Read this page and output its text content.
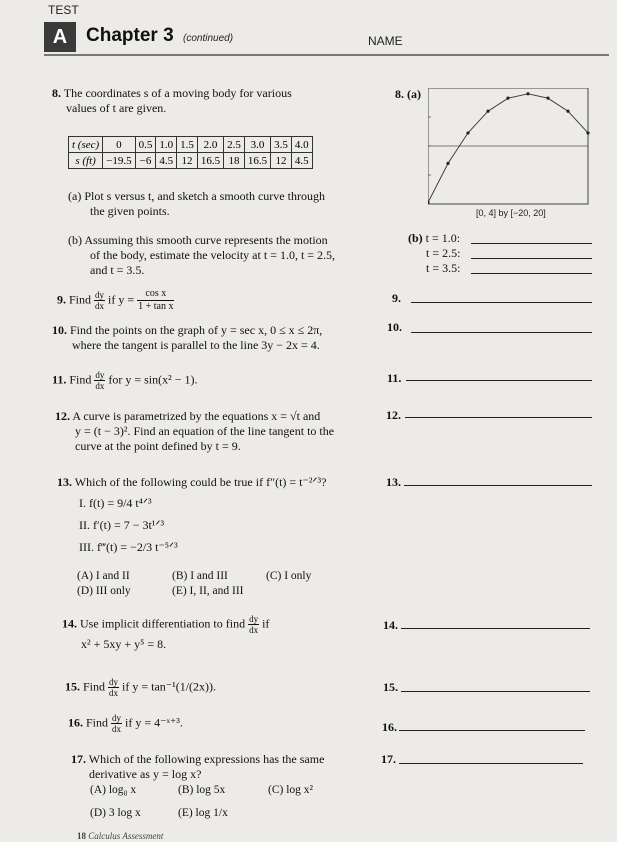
TEST
A Chapter 3 (continued)	NAME
8. The coordinates s of a moving body for various
values of t are given.
t (sec)	0	0.5	1.0	1.5	2.0	2.5	3.0	3.5	4.0
s (ft)	−19.5	−6	4.5	12	16.5	18	16.5	12	4.5
(a) Plot s versus t, and sketch a smooth curve through
the given points.
(b) Assuming this smooth curve represents the motion
of the body, estimate the velocity at t = 1.0, t = 2.5,
and t = 3.5.
8. (a)
[0, 4] by [−20, 20]
(b) t = 1.0:
t = 2.5:
t = 3.5:
9. Find $\frac{dy}{dx}$ if $y = \frac{\text{cos x}}{\text{1 + tan x}}$	9.
10. Find the points on the graph of y = sec x, 0 ≤ x ≤ 2π,
where the tangent is parallel to the line 3y − 2x = 4.
10.
11. Find $\frac{dy}{dx}$ for y = sin(x² − 1).	11.
12. A curve is parametrized by the equations x = √t and
y = (t − 3)². Find an equation of the line tangent to the
curve at the point defined by t = 9.
12.
13. Which of the following could be true if f″(t) = t⁻²ᐟ³?
I. f(t) = 9/4 t⁴ᐟ³
II. f′(t) = 7 − 3t¹ᐟ³
III. f‴(t) = −2/3 t⁻⁵ᐟ³
(A) I and II	(B) I and III	(C) I only
(D) III only	(E) I, II, and III
13.
14. Use implicit differentiation to find $\frac{dy}{dx}$ if
x² + 5xy + y⁵ = 8.
14.
15. Find $\frac{dy}{dx}$ if y = tan⁻¹(1/(2x)).	15.
16. Find $\frac{dy}{dx}$ if y = 4⁻ˣ⁺³.	16.
17. Which of the following expressions has the same
derivative as y = log x?
(A) log₈ x	(B) log 5x	(C) log x²
(D) 3 log x	(E) log 1/x
17.
18 Calculus Assessment
